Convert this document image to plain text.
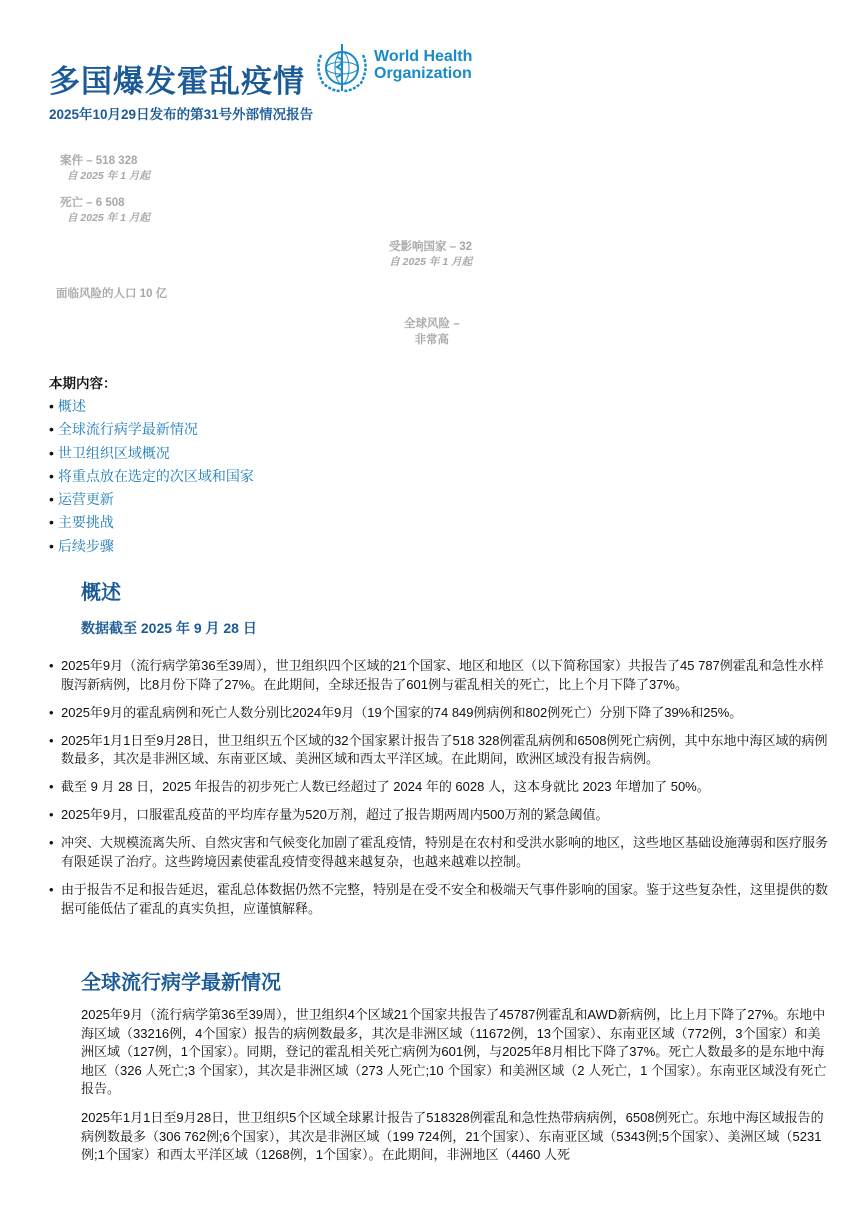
多国爆发霍乱疫情
2025年10月29日发布的第31号外部情况报告
World Health
Organization
案件 – 518 328
自 2025 年 1 月起
死亡 – 6 508
自 2025 年 1 月起
受影响国家 – 32
自 2025 年 1 月起
面临风险的人口 10 亿
全球风险 –
非常高
本期内容：
• 概述
• 全球流行病学最新情况
• 世卫组织区域概况
• 将重点放在选定的次区域和国家
• 运营更新
• 主要挑战
• 后续步骤
概述
数据截至 2025 年 9 月 28 日
• 2025年9月（流行病学第36至39周），世卫组织四个区域的21个国家、地区和地区（以下简称国家）共报告了45 787例霍乱和急性水样腹泻新病例，比8月份下降了27%。在此期间，全球还报告了601例与霍乱相关的死亡，比上个月下降了37%。
• 2025年9月的霍乱病例和死亡人数分别比2024年9月（19个国家的74 849例病例和802例死亡）分别下降了39%和25%。
• 2025年1月1日至9月28日，世卫组织五个区域的32个国家累计报告了518 328例霍乱病例和6508例死亡病例，其中东地中海区域的病例数最多，其次是非洲区域、东南亚区域、美洲区域和西太平洋区域。在此期间，欧洲区域没有报告病例。
• 截至 9 月 28 日，2025 年报告的初步死亡人数已经超过了 2024 年的 6028 人，这本身就比 2023 年增加了 50%。
• 2025年9月，口服霍乱疫苗的平均库存量为520万剂，超过了报告期两周内500万剂的紧急阈值。
• 冲突、大规模流离失所、自然灾害和气候变化加剧了霍乱疫情，特别是在农村和受洪水影响的地区，这些地区基础设施薄弱和医疗服务有限延误了治疗。这些跨境因素使霍乱疫情变得越来越复杂，也越来越难以控制。
• 由于报告不足和报告延迟，霍乱总体数据仍然不完整，特别是在受不安全和极端天气事件影响的国家。鉴于这些复杂性，这里提供的数据可能低估了霍乱的真实负担，应谨慎解释。
全球流行病学最新情况

2025年9月（流行病学第36至39周），世卫组织4个区域21个国家共报告了45787例霍乱和AWD新病例，比上月下降了27%。东地中海区域（33216例，4个国家）报告的病例数最多，其次是非洲区域（11672例，13个国家）、东南亚区域（772例，3个国家）和美洲区域（127例，1个国家）。同期，登记的霍乱相关死亡病例为601例，与2025年8月相比下降了37%。死亡人数最多的是东地中海地区（326 人死亡;3 个国家），其次是非洲区域（273 人死亡;10 个国家）和美洲区域（2 人死亡，1 个国家）。东南亚区域没有死亡报告。

2025年1月1日至9月28日，世卫组织5个区域全球累计报告了518328例霍乱和急性热带病病例，6508例死亡。东地中海区域报告的病例数最多（306 762例;6个国家），其次是非洲区域（199 724例，21个国家）、东南亚区域（5343例;5个国家）、美洲区域（5231例;1个国家）和西太平洋区域（1268例，1个国家）。在此期间，非洲地区（4460 人死
